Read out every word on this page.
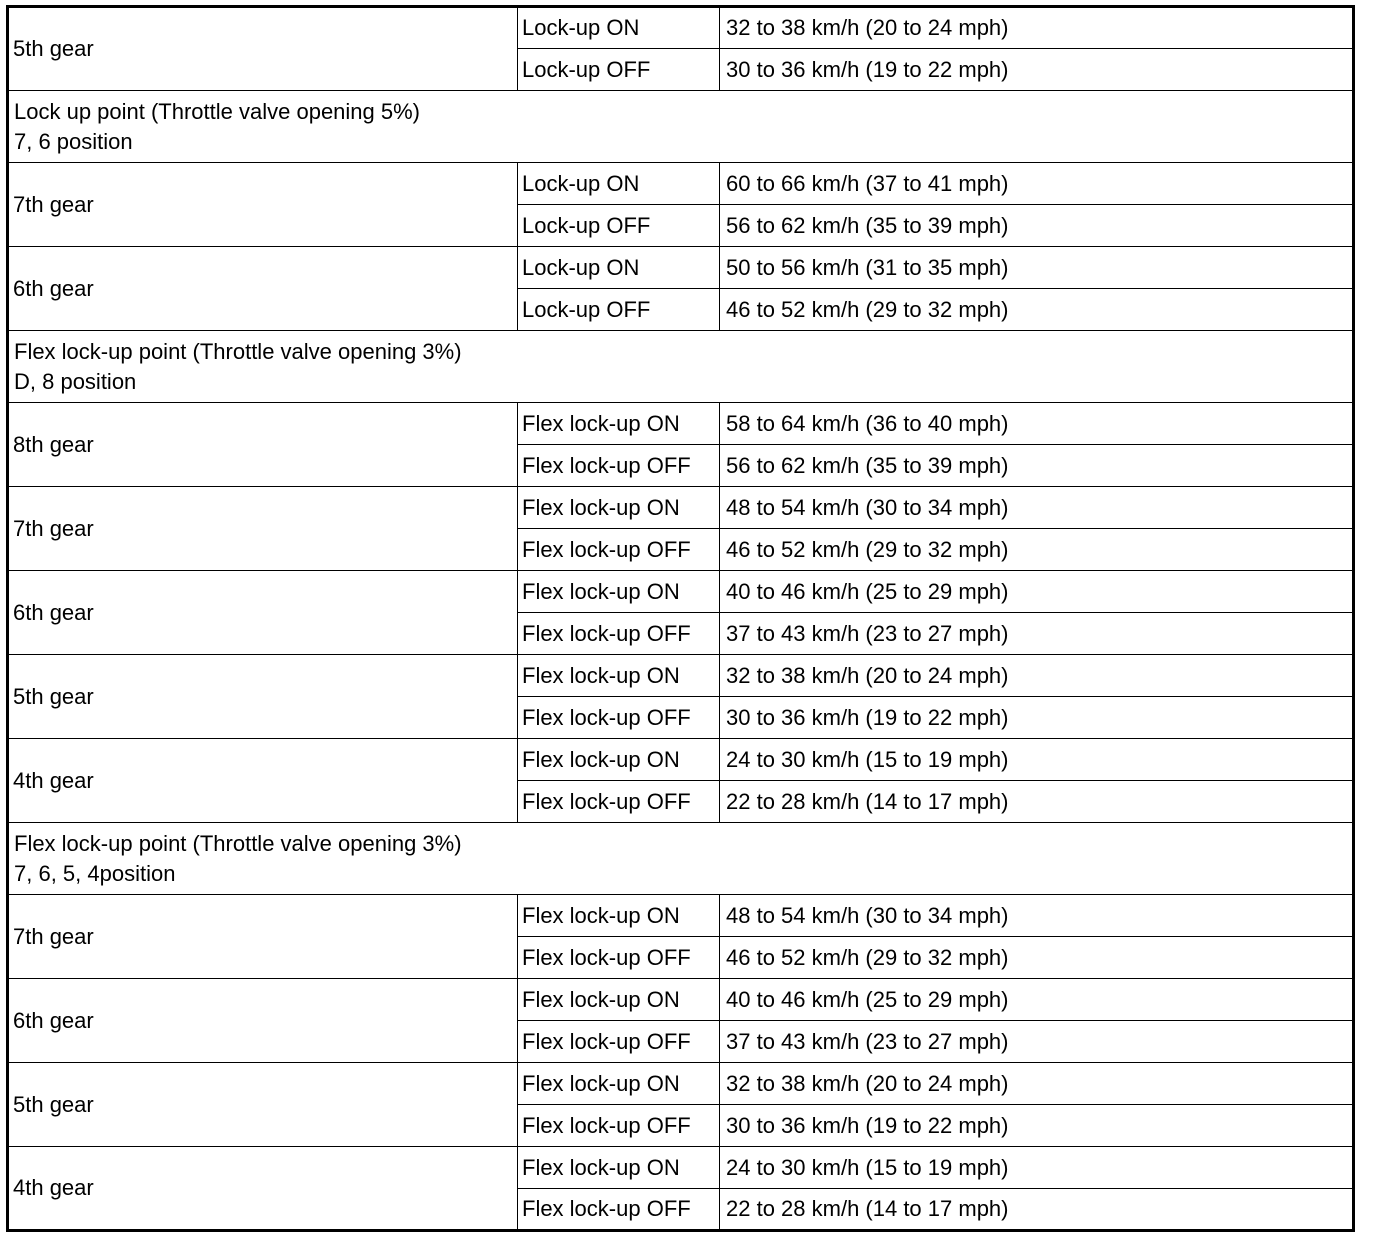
5th gear	Lock-up ON	32 to 38 km/h (20 to 24 mph)
	Lock-up OFF	30 to 36 km/h (19 to 22 mph)

Lock up point (Throttle valve opening 5%)
7, 6 position		

7th gear	Lock-up ON	60 to 66 km/h (37 to 41 mph)
	Lock-up OFF	56 to 62 km/h (35 to 39 mph)
6th gear	Lock-up ON	50 to 56 km/h (31 to 35 mph)
	Lock-up OFF	46 to 52 km/h (29 to 32 mph)

Flex lock-up point (Throttle valve opening 3%)
D, 8 position		

8th gear	Flex lock-up ON	58 to 64 km/h (36 to 40 mph)
	Flex lock-up OFF	56 to 62 km/h (35 to 39 mph)
7th gear	Flex lock-up ON	48 to 54 km/h (30 to 34 mph)
	Flex lock-up OFF	46 to 52 km/h (29 to 32 mph)
6th gear	Flex lock-up ON	40 to 46 km/h (25 to 29 mph)
	Flex lock-up OFF	37 to 43 km/h (23 to 27 mph)
5th gear	Flex lock-up ON	32 to 38 km/h (20 to 24 mph)
	Flex lock-up OFF	30 to 36 km/h (19 to 22 mph)
4th gear	Flex lock-up ON	24 to 30 km/h (15 to 19 mph)
	Flex lock-up OFF	22 to 28 km/h (14 to 17 mph)

Flex lock-up point (Throttle valve opening 3%)
7, 6, 5, 4position		

7th gear	Flex lock-up ON	48 to 54 km/h (30 to 34 mph)
	Flex lock-up OFF	46 to 52 km/h (29 to 32 mph)
6th gear	Flex lock-up ON	40 to 46 km/h (25 to 29 mph)
	Flex lock-up OFF	37 to 43 km/h (23 to 27 mph)
5th gear	Flex lock-up ON	32 to 38 km/h (20 to 24 mph)
	Flex lock-up OFF	30 to 36 km/h (19 to 22 mph)
4th gear	Flex lock-up ON	24 to 30 km/h (15 to 19 mph)
	Flex lock-up OFF	22 to 28 km/h (14 to 17 mph)
